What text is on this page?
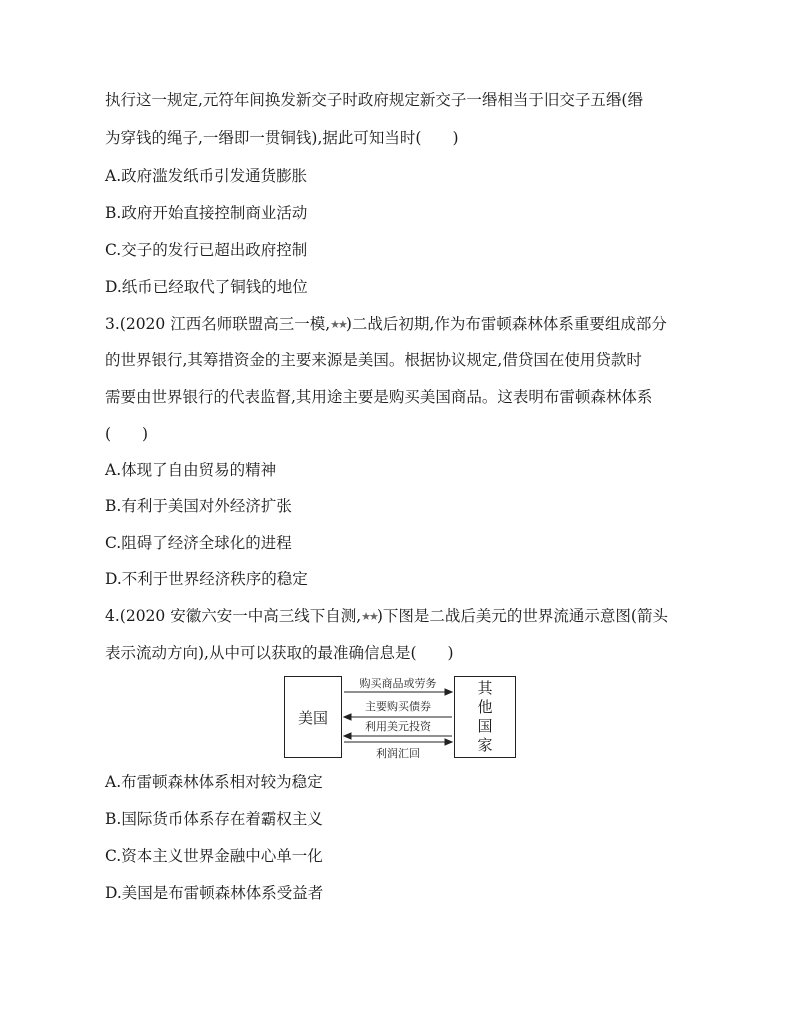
执行这一规定,元符年间换发新交子时政府规定新交子一缗相当于旧交子五缗(缗
为穿钱的绳子,一缗即一贯铜钱),据此可知当时(　　)
A.政府滥发纸币引发通货膨胀
B.政府开始直接控制商业活动
C.交子的发行已超出政府控制
D.纸币已经取代了铜钱的地位
3.(2020 江西名师联盟高三一模,★★)二战后初期,作为布雷顿森林体系重要组成部分
的世界银行,其筹措资金的主要来源是美国。根据协议规定,借贷国在使用贷款时
需要由世界银行的代表监督,其用途主要是购买美国商品。这表明布雷顿森林体系
(　　)
A.体现了自由贸易的精神
B.有利于美国对外经济扩张
C.阻碍了经济全球化的进程
D.不利于世界经济秩序的稳定
4.(2020 安徽六安一中高三线下自测,★★)下图是二战后美元的世界流通示意图(箭头
表示流动方向),从中可以获取的最准确信息是(　　)
美国
其
他
国
家
购买商品或劳务
主要购买债券
利用美元投资
利润汇回
A.布雷顿森林体系相对较为稳定
B.国际货币体系存在着霸权主义
C.资本主义世界金融中心单一化
D.美国是布雷顿森林体系受益者
